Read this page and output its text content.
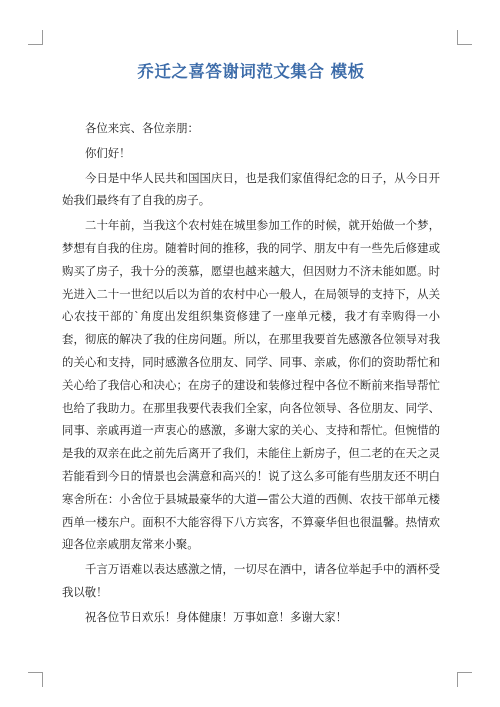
乔迁之喜答谢词范文集合 模板

各位来宾、各位亲朋：

你们好！

今日是中华人民共和国国庆日，也是我们家值得纪念的日子，从今日开始我们最终有了自我的房子。

二十年前，当我这个农村娃在城里参加工作的时候，就开始做一个梦，梦想有自我的住房。随着时间的推移，我的同学、朋友中有一些先后修建或购买了房子，我十分的羡慕，愿望也越来越大，但因财力不济未能如愿。时光进入二十一世纪以后以为首的农村中心一般人，在局领导的支持下，从关心农技干部的`角度出发组织集资修建了一座单元楼，我才有幸购得一小套，彻底的解决了我的住房问题。所以，在那里我要首先感激各位领导对我的关心和支持，同时感激各位朋友、同学、同事、亲戚，你们的资助帮忙和关心给了我信心和决心；在房子的建设和装修过程中各位不断前来指导帮忙也给了我助力。在那里我要代表我们全家，向各位领导、各位朋友、同学、同事、亲戚再道一声衷心的感激，多谢大家的关心、支持和帮忙。但惋惜的是我的双亲在此之前先后离开了我们，未能住上新房子，但二老的在天之灵若能看到今日的情景也会满意和高兴的！说了这么多可能有些朋友还不明白寒舍所在：小舍位于县城最豪华的大道—雷公大道的西侧、农技干部单元楼西单一楼东户。面积不大能容得下八方宾客，不算豪华但也很温馨。热情欢迎各位亲戚朋友常来小聚。

千言万语难以表达感激之情，一切尽在酒中，请各位举起手中的酒杯受我以敬！

祝各位节日欢乐！身体健康！万事如意！多谢大家！
